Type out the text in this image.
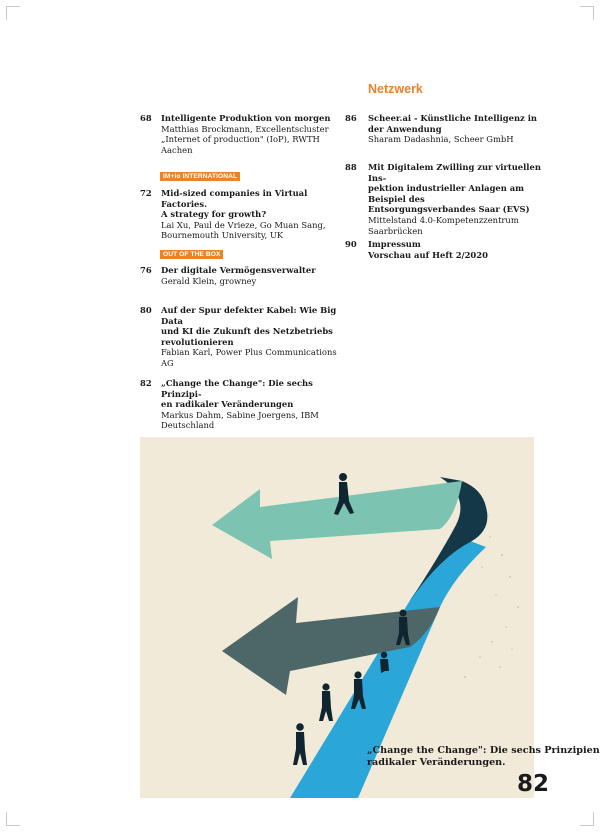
Netzwerk
68 Intelligente Produktion von morgen
Matthias Brockmann, Excellentscluster
„Internet of production" (IoP), RWTH
Aachen
IM+io INTERNATIONAL
72 Mid-sized companies in Virtual Factories.
A strategy for growth?
Lai Xu, Paul de Vrieze, Go Muan Sang,
Bournemouth University, UK
OUT OF THE BOX
76 Der digitale Vermögensverwalter
Gerald Klein, growney
80 Auf der Spur defekter Kabel: Wie Big Data
und KI die Zukunft des Netzbetriebs
revolutionieren
Fabian Karl, Power Plus Communications
AG
82 „Change the Change": Die sechs Prinzipi-
en radikaler Veränderungen
Markus Dahm, Sabine Joergens, IBM
Deutschland
86 Scheer.ai - Künstliche Intelligenz in
der Anwendung
Sharam Dadashnia, Scheer GmbH
88 Mit Digitalem Zwilling zur virtuellen Ins-
pektion industrieller Anlagen am Beispiel des
Entsorgungsverbandes Saar (EVS)
Mittelstand 4.0-Kompetenzzentrum
Saarbrücken
90 Impressum
Vorschau auf Heft 2/2020
„Change the Change": Die sechs Prinzipien
radikaler Veränderungen.
82
